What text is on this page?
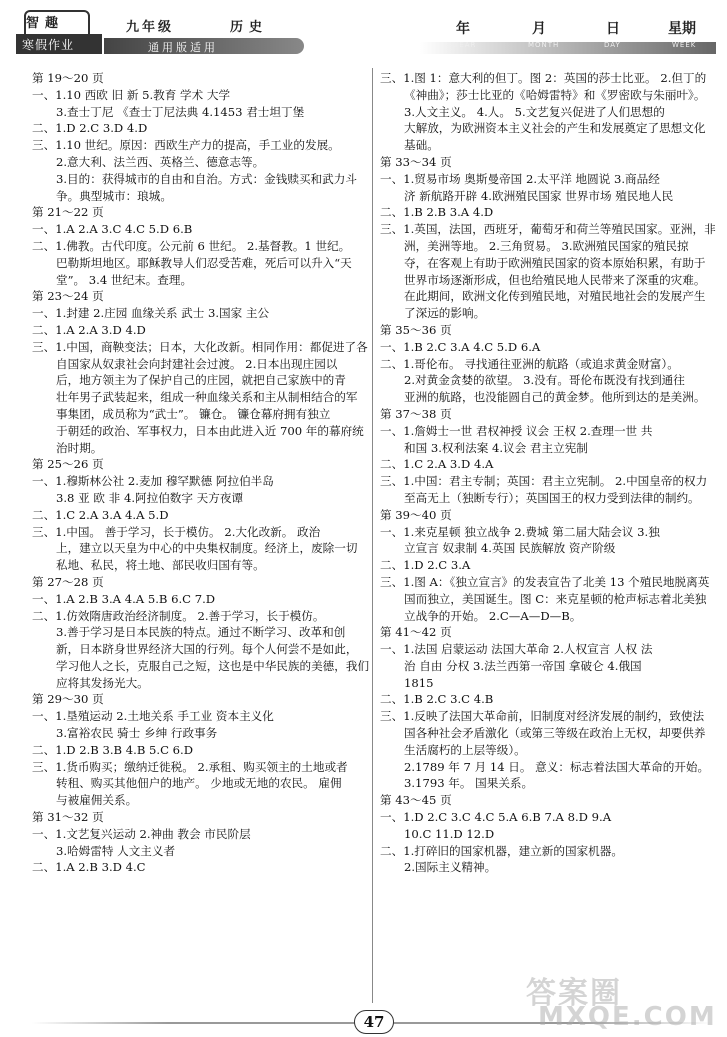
智趣
寒假作业
九年级	历史
通用版适用
年	月	日	星期
YEAR	MONTH	DAY	WEEK
第 19～20 页
一、1.10 西欧 旧 新 5.教育 学术 大学
3.查士丁尼 《查士丁尼法典 4.1453 君士坦丁堡
二、1.D 2.C 3.D 4.D
三、1.10 世纪。原因：西欧生产力的提高，手工业的发展。
2.意大利、法兰西、英格兰、德意志等。
3.目的：获得城市的自由和自治。方式：金钱赎买和武力斗
争。典型城市：琅城。
第 21～22 页
一、1.A 2.A 3.C 4.C 5.D 6.B
二、1.佛教。古代印度。公元前 6 世纪。 2.基督教。1 世纪。
巴勒斯坦地区。耶稣教导人们忍受苦难，死后可以升入“天
堂”。 3.4 世纪末。查理。
第 23～24 页
一、1.封建 2.庄园 血缘关系 武士 3.国家 主公
二、1.A 2.A 3.D 4.D
三、1.中国，商鞅变法；日本，大化改新。相同作用：都促进了各
自国家从奴隶社会向封建社会过渡。 2.日本出现庄园以
后，地方领主为了保护自己的庄园，就把自己家族中的青
壮年男子武装起来，组成一种血缘关系和主从制相结合的军
事集团，成员称为“武士”。 镰仓。 镰仓幕府拥有独立
于朝廷的政治、军事权力，日本由此进入近 700 年的幕府统
治时期。
第 25～26 页
一、1.穆斯林公社 2.麦加 穆罕默德 阿拉伯半岛
3.8 亚 欧 非 4.阿拉伯数字 天方夜谭
二、1.C 2.A 3.A 4.A 5.D
三、1.中国。 善于学习，长于模仿。 2.大化改新。 政治
上，建立以天皇为中心的中央集权制度。经济上，废除一切
私地、私民，将土地、部民收归国有等。
第 27～28 页
一、1.A 2.B 3.A 4.A 5.B 6.C 7.D
二、1.仿效隋唐政治经济制度。 2.善于学习，长于模仿。
3.善于学习是日本民族的特点。通过不断学习、改革和创
新，日本跻身世界经济大国的行列。每个人何尝不是如此，
学习他人之长，克服自己之短，这也是中华民族的美德，我们
应将其发扬光大。
第 29～30 页
一、1.垦殖运动 2.土地关系 手工业 资本主义化
3.富裕农民 骑士 乡绅 行政事务
二、1.D 2.B 3.B 4.B 5.C 6.D
三、1.货币购买；缴纳迁徙税。 2.承租、购买领主的土地或者
转租、购买其他佃户的地产。 少地或无地的农民。 雇佣
与被雇佣关系。
第 31～32 页
一、1.文艺复兴运动 2.神曲 教会 市民阶层
3.哈姆雷特 人文主义者
二、1.A 2.B 3.D 4.C
三、1.图 1：意大利的但丁。图 2：英国的莎士比亚。 2.但丁的
《神曲》；莎士比亚的《哈姆雷特》和《罗密欧与朱丽叶》。
3.人文主义。 4.人。 5.文艺复兴促进了人们思想的
大解放，为欧洲资本主义社会的产生和发展奠定了思想文化
基础。
第 33～34 页
一、1.贸易市场 奥斯曼帝国 2.太平洋 地圆说 3.商品经
济 新航路开辟 4.欧洲殖民国家 世界市场 殖民地人民
二、1.B 2.B 3.A 4.D
三、1.英国，法国，西班牙，葡萄牙和荷兰等殖民国家。亚洲，非
洲，美洲等地。 2.三角贸易。 3.欧洲殖民国家的殖民掠
夺，在客观上有助于欧洲殖民国家的资本原始积累，有助于
世界市场逐渐形成，但也给殖民地人民带来了深重的灾难。
在此期间，欧洲文化传到殖民地，对殖民地社会的发展产生
了深远的影响。
第 35～36 页
一、1.B 2.C 3.A 4.C 5.D 6.A
二、1.哥伦布。 寻找通往亚洲的航路（或追求黄金财富）。
2.对黄金贪婪的欲望。 3.没有。哥伦布既没有找到通往
亚洲的航路，也没能圆自己的黄金梦。他所到达的是美洲。
第 37～38 页
一、1.詹姆士一世 君权神授 议会 王权 2.查理一世 共
和国 3.权利法案 4.议会 君主立宪制
二、1.C 2.A 3.D 4.A
三、1.中国：君主专制；英国：君主立宪制。 2.中国皇帝的权力
至高无上（独断专行）；英国国王的权力受到法律的制约。
第 39～40 页
一、1.来克星顿 独立战争 2.费城 第二届大陆会议 3.独
立宣言 奴隶制 4.英国 民族解放 资产阶级
二、1.D 2.C 3.A
三、1.图 A：《独立宣言》的发表宣告了北美 13 个殖民地脱离英
国而独立，美国诞生。图 C：来克星顿的枪声标志着北美独
立战争的开始。 2.C—A—D—B。
第 41～42 页
一、1.法国 启蒙运动 法国大革命 2.人权宣言 人权 法
治 自由 分权 3.法兰西第一帝国 拿破仑 4.俄国
1815
二、1.B 2.C 3.C 4.B
三、1.反映了法国大革命前，旧制度对经济发展的制约，致使法
国各种社会矛盾激化（或第三等级在政治上无权，却要供养
生活腐朽的上层等级）。
2.1789 年 7 月 14 日。 意义：标志着法国大革命的开始。
3.1793 年。 国果关系。
第 43～45 页
一、1.D 2.C 3.C 4.C 5.A 6.B 7.A 8.D 9.A
10.C 11.D 12.D
二、1.打碎旧的国家机器，建立新的国家机器。
2.国际主义精神。
47
答案圈
MXQE.COM
